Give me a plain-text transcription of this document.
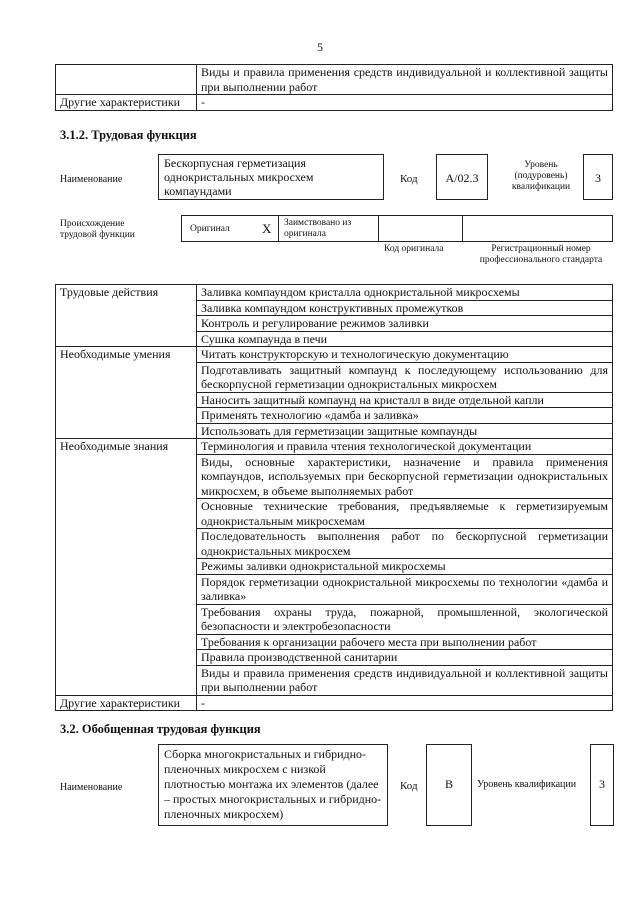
5
	Виды и правила применения средств индивидуальной и коллективной защиты при выполнении работ
Другие характеристики	-
3.1.2. Трудовая функция
Наименование
Бескорпусная герметизация однокристальных микросхем компаундами
Код	A/02.3
Уровень (подуровень) квалификации
3
Происхождение трудовой функции
Оригинал X Заимствовано из оригинала
Код оригинала	Регистрационный номер профессионального стандарта
Трудовые действия	Заливка компаундом кристалла однокристальной микросхемы
	Заливка компаундом конструктивных промежутков
	Контроль и регулирование режимов заливки
	Сушка компаунда в печи
Необходимые умения	Читать конструкторскую и технологическую документацию
	Подготавливать защитный компаунд к последующему использованию для бескорпусной герметизации однокристальных микросхем
	Наносить защитный компаунд на кристалл в виде отдельной капли
	Применять технологию «дамба и заливка»
	Использовать для герметизации защитные компаунды
Необходимые знания	Терминология и правила чтения технологической документации
	Виды, основные характеристики, назначение и правила применения компаундов, используемых при бескорпусной герметизации однокристальных микросхем, в объеме выполняемых работ
	Основные технические требования, предъявляемые к герметизируемым однокристальным микросхемам
	Последовательность выполнения работ по бескорпусной герметизации однокристальных микросхем
	Режимы заливки однокристальной микросхемы
	Порядок герметизации однокристальной микросхемы по технологии «дамба и заливка»
	Требования охраны труда, пожарной, промышленной, экологической безопасности и электробезопасности
	Требования к организации рабочего места при выполнении работ
	Правила производственной санитарии
	Виды и правила применения средств индивидуальной и коллективной защиты при выполнении работ
Другие характеристики	-
3.2. Обобщенная трудовая функция
Наименование
Сборка многокристальных и гибридно-пленочных микросхем с низкой плотностью монтажа их элементов (далее – простых многокристальных и гибридно-пленочных микросхем)
Код	B	Уровень квалификации	3
